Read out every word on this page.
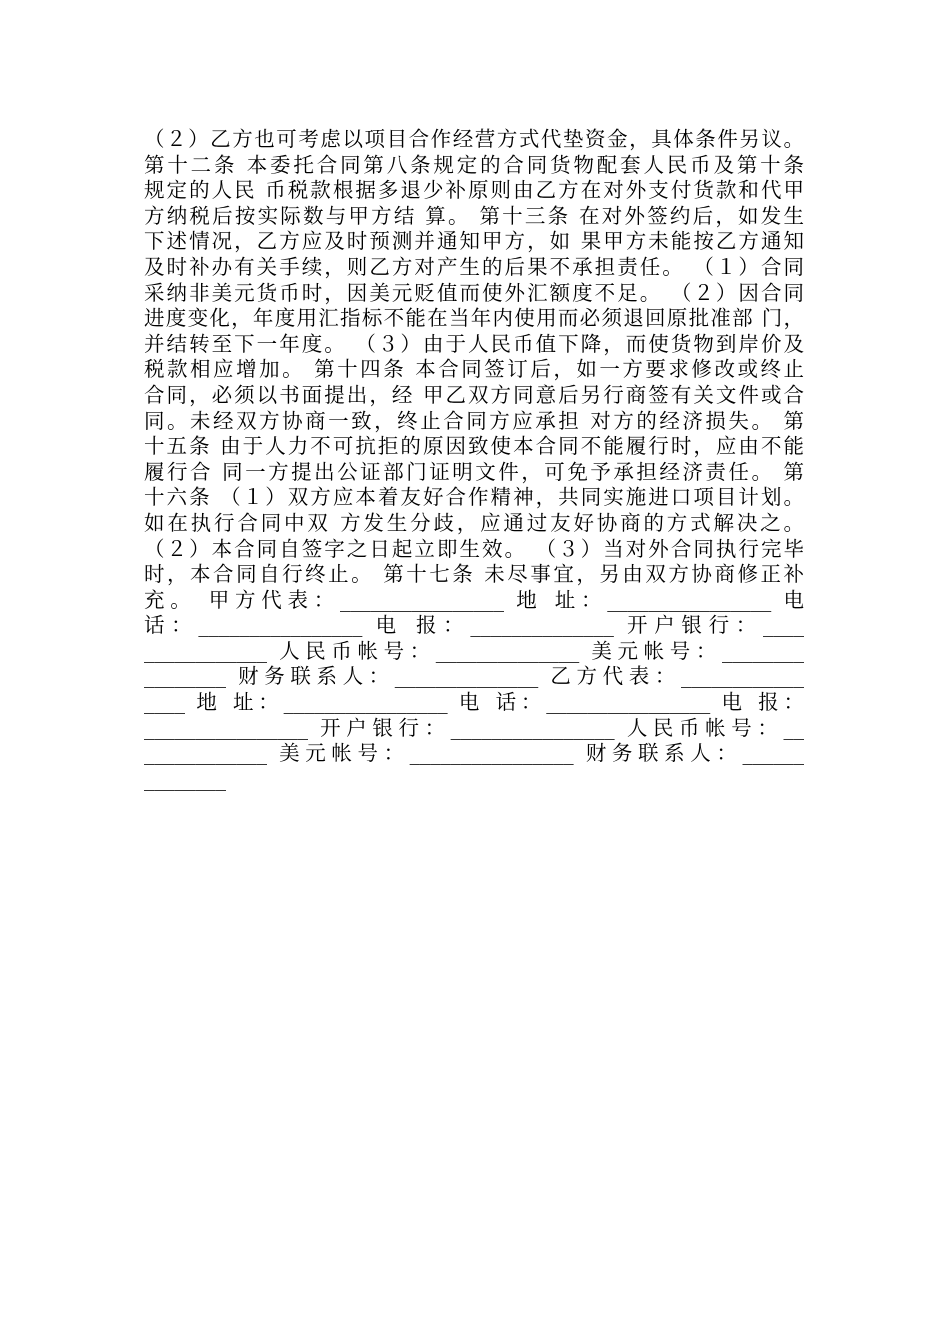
（２）乙方也可考虑以项目合作经营方式代垫资金，具体条件另议。
第十二条 本委托合同第八条规定的合同货物配套人民币及第十条
规定的人民 币税款根据多退少补原则由乙方在对外支付货款和代甲
方纳税后按实际数与甲方结 算。 第十三条 在对外签约后，如发生
下述情况，乙方应及时预测并通知甲方，如 果甲方未能按乙方通知
及时补办有关手续，则乙方对产生的后果不承担责任。 （１）合同
采纳非美元货币时，因美元贬值而使外汇额度不足。 （２）因合同
进度变化，年度用汇指标不能在当年内使用而必须退回原批准部 门，
并结转至下一年度。 （３）由于人民币值下降，而使货物到岸价及
税款相应增加。 第十四条 本合同签订后，如一方要求修改或终止
合同，必须以书面提出，经 甲乙双方同意后另行商签有关文件或合
同。未经双方协商一致，终止合同方应承担 对方的经济损失。 第
十五条 由于人力不可抗拒的原因致使本合同不能履行时，应由不能
履行合 同一方提出公证部门证明文件，可免予承担经济责任。 第
十六条 （１）双方应本着友好合作精神，共同实施进口项目计划。
如在执行合同中双 方发生分歧，应通过友好协商的方式解决之。
（２）本合同自签字之日起立即生效。 （３）当对外合同执行完毕
时，本合同自行终止。 第十七条 未尽事宜，另由双方协商修正补
充。 甲方代表：________________ 地 址：________________ 电
话：________________ 电 报：______________ 开户银行：____
____________ 人民币帐号：______________ 美元帐号：________
________ 财务联系人：______________ 乙方代表：____________
____ 地 址：________________ 电 话：________________ 电 报：
________________ 开户银行：________________ 人民币帐号：__
____________ 美元帐号：________________ 财务联系人：______
________
